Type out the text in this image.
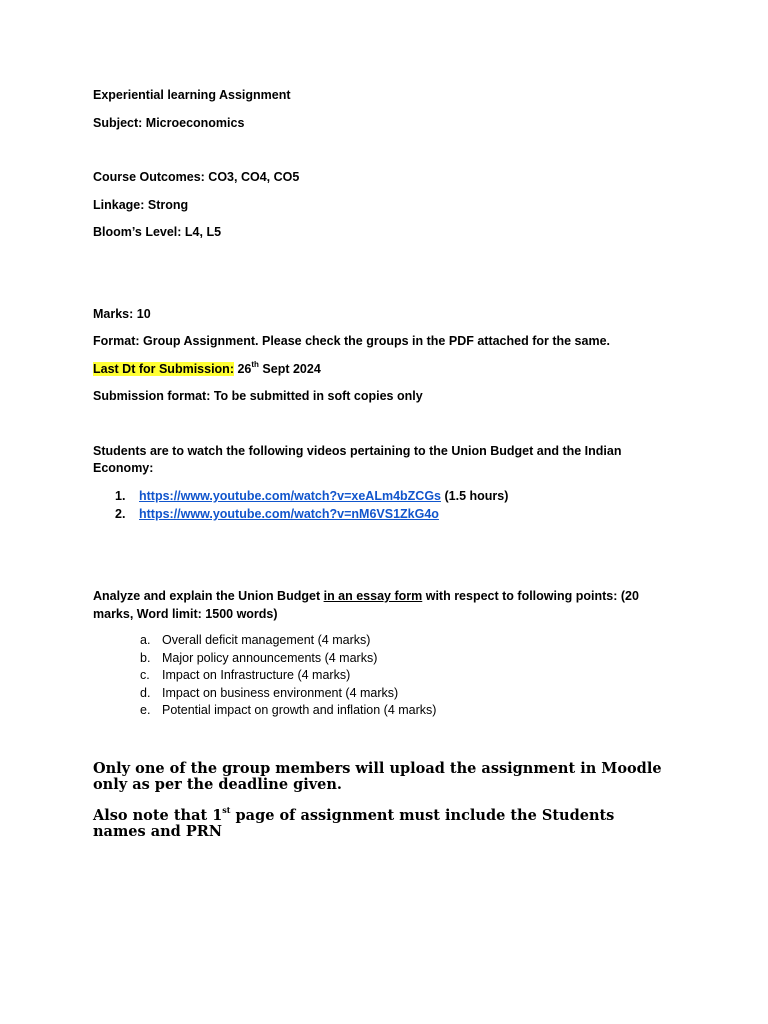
Experiential learning Assignment

Subject: Microeconomics

Course Outcomes: CO3, CO4, CO5

Linkage: Strong

Bloom’s Level: L4, L5

Marks: 10

Format: Group Assignment. Please check the groups in the PDF attached for the same.

Last Dt for Submission: 26th Sept 2024

Submission format: To be submitted in soft copies only

Students are to watch the following videos pertaining to the Union Budget and the Indian

Economy:

1. https://www.youtube.com/watch?v=xeALm4bZCGs (1.5 hours)
2. https://www.youtube.com/watch?v=nM6VS1ZkG4o

Analyze and explain the Union Budget in an essay form with respect to following points: (20

marks, Word limit: 1500 words)

a. Overall deficit management (4 marks)
b. Major policy announcements (4 marks)
c. Impact on Infrastructure (4 marks)
d. Impact on business environment (4 marks)
e. Potential impact on growth and inflation (4 marks)

Only one of the group members will upload the assignment in Moodle only as per the deadline given.

Also note that 1st page of assignment must include the Students names and PRN
